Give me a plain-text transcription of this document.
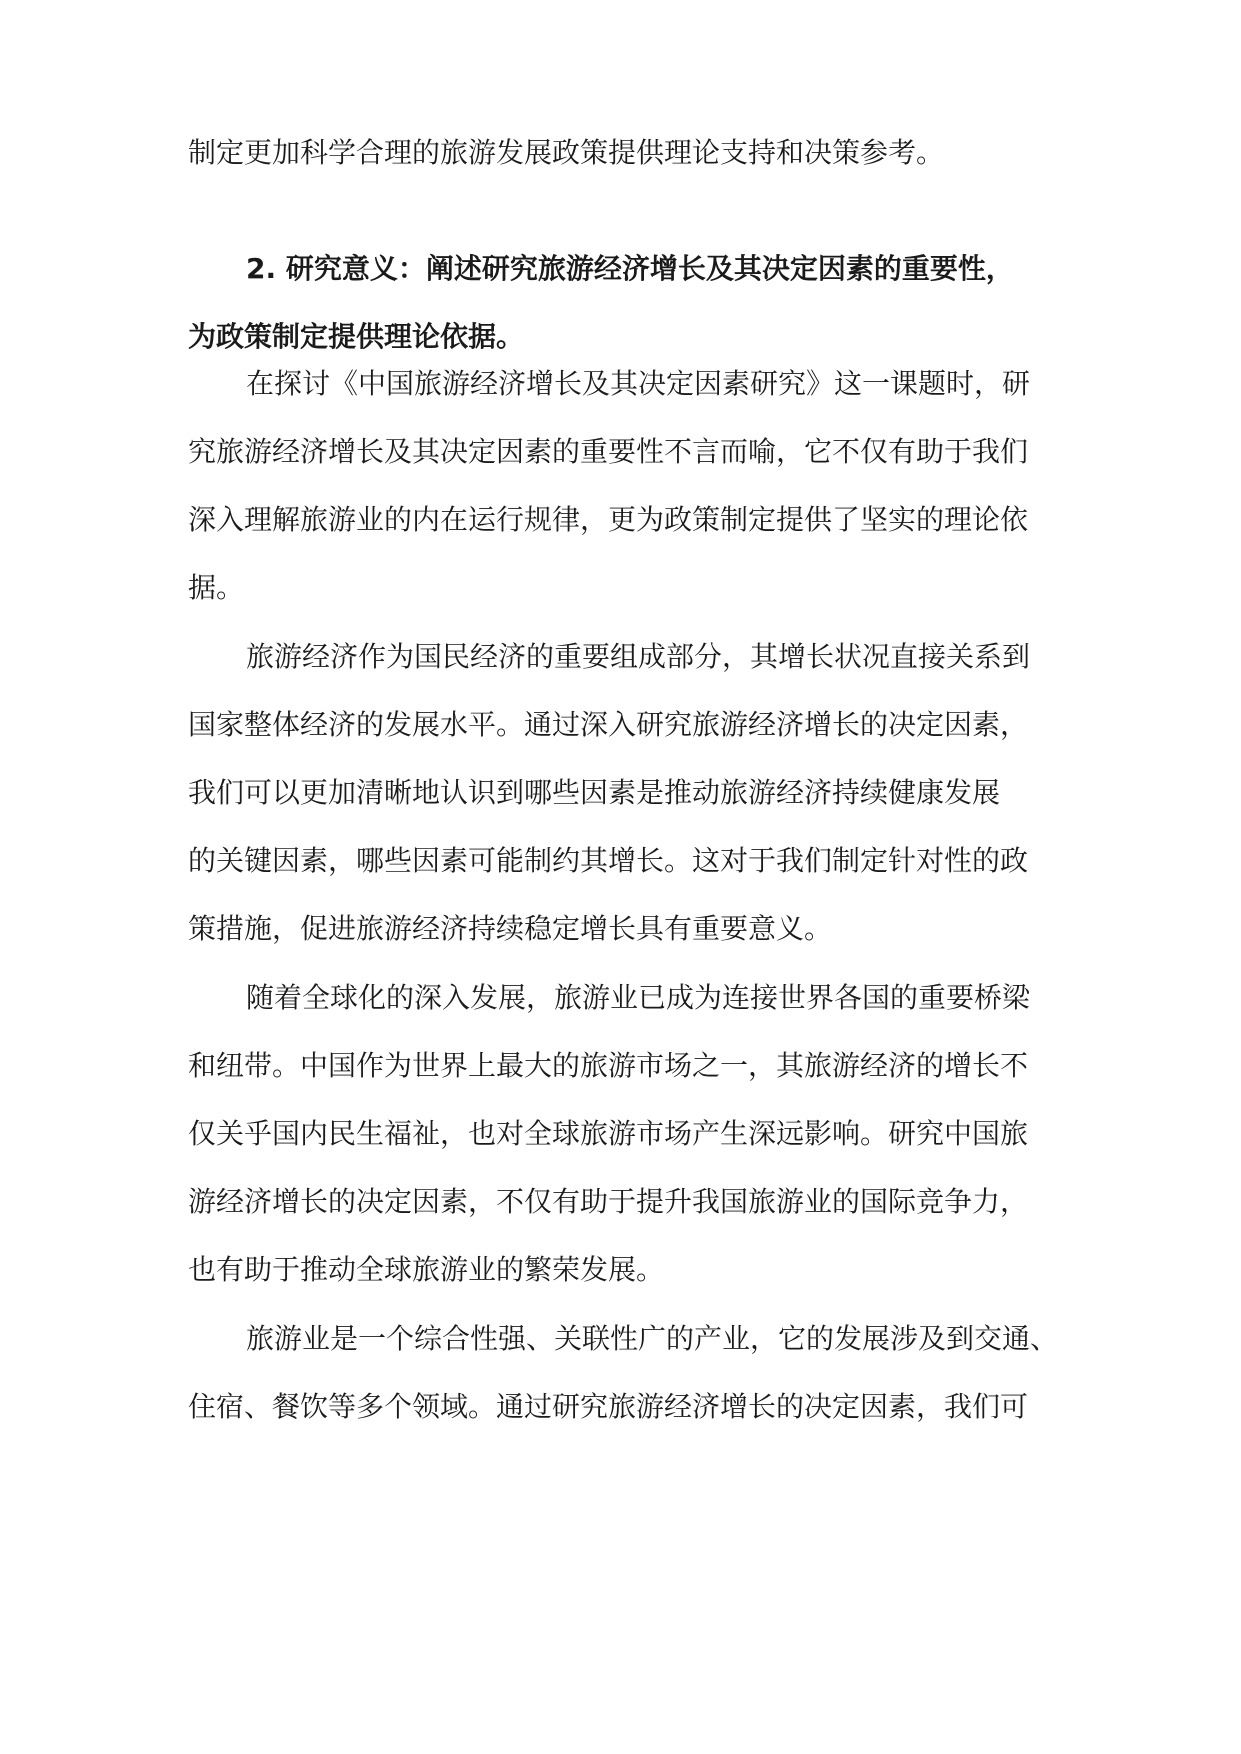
制定更加科学合理的旅游发展政策提供理论支持和决策参考。
2. 研究意义：阐述研究旅游经济增长及其决定因素的重要性，
为政策制定提供理论依据。
在探讨《中国旅游经济增长及其决定因素研究》这一课题时，研
究旅游经济增长及其决定因素的重要性不言而喻，它不仅有助于我们
深入理解旅游业的内在运行规律，更为政策制定提供了坚实的理论依
据。
旅游经济作为国民经济的重要组成部分，其增长状况直接关系到
国家整体经济的发展水平。通过深入研究旅游经济增长的决定因素，
我们可以更加清晰地认识到哪些因素是推动旅游经济持续健康发展
的关键因素，哪些因素可能制约其增长。这对于我们制定针对性的政
策措施，促进旅游经济持续稳定增长具有重要意义。
随着全球化的深入发展，旅游业已成为连接世界各国的重要桥梁
和纽带。中国作为世界上最大的旅游市场之一，其旅游经济的增长不
仅关乎国内民生福祉，也对全球旅游市场产生深远影响。研究中国旅
游经济增长的决定因素，不仅有助于提升我国旅游业的国际竞争力，
也有助于推动全球旅游业的繁荣发展。
旅游业是一个综合性强、关联性广的产业，它的发展涉及到交通、
住宿、餐饮等多个领域。通过研究旅游经济增长的决定因素，我们可
